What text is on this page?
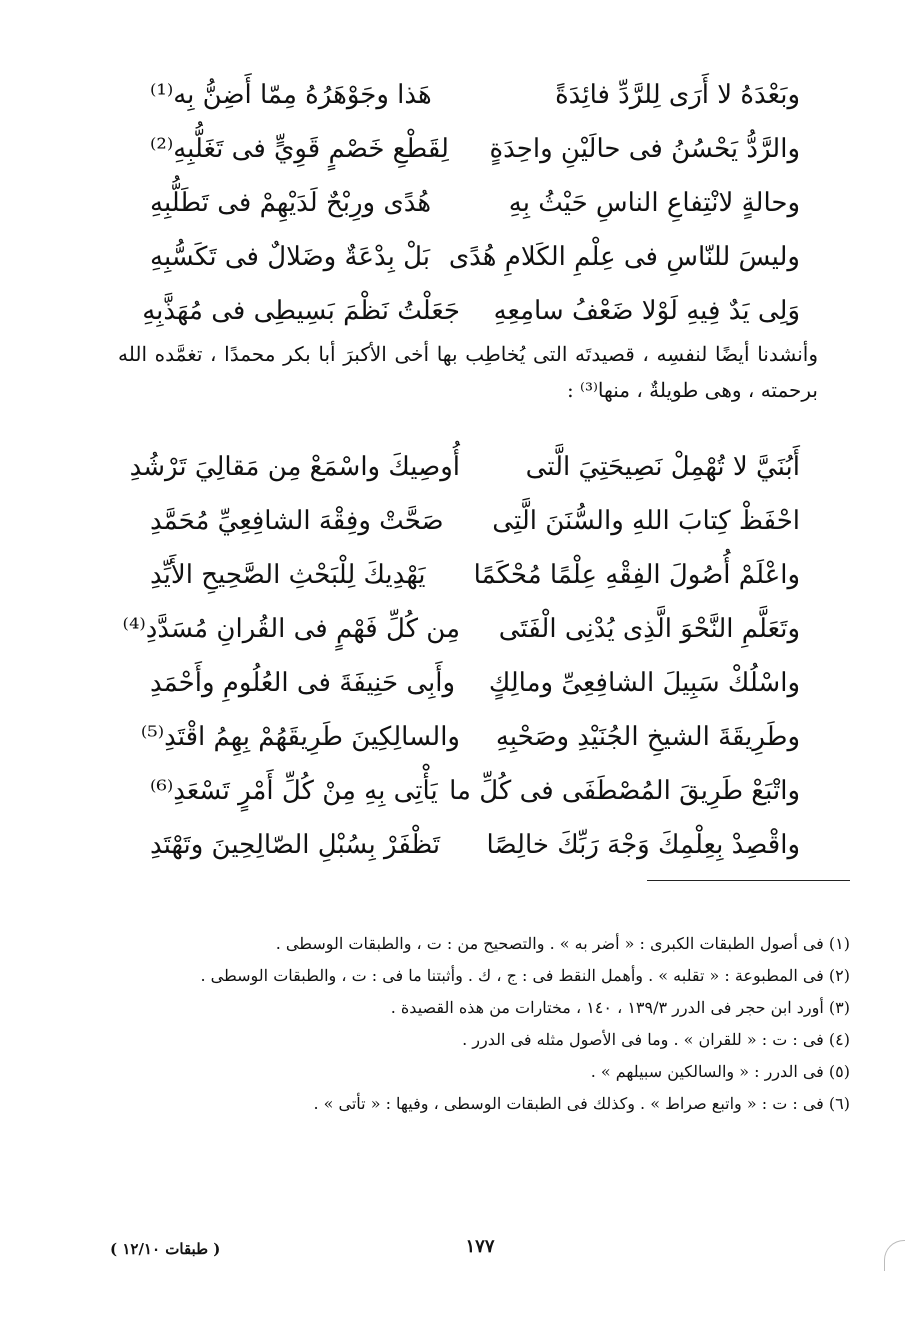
وبَعْدَهُ لا أَرَى لِلرَّدِّ فائِدَةً
هَذا وجَوْهَرُهُ مِمّا أَضِنُّ بِه⁽¹⁾
والرَّدُّ يَحْسُنُ فى حالَيْنِ واحِدَةٍ
لِقَطْعِ خَصْمٍ قَوِيٍّ فى تَغَلُّبِهِ⁽²⁾
وحالةٍ لانْتِفاعِ الناسِ حَيْثُ بِهِ
هُدًى ورِبْحٌ لَدَيْهِمْ فى تَطَلُّبِهِ
وليسَ للنّاسِ فى عِلْمِ الكَلامِ هُدًى
بَلْ بِدْعَةٌ وضَلالٌ فى تَكَسُّبِهِ
وَلِى يَدٌ فِيهِ لَوْلا ضَعْفُ سامِعِهِ
جَعَلْتُ نَظْمَ بَسِيطِى فى مُهَذَّبِهِ

وأنشدنا أيضًا لنفسِه ، قصيدتَه التى يُخاطِب بها أخى الأكبرَ أبا بكر محمدًا ، تغمَّده الله برحمته ، وهى طويلةٌ ، منها⁽³⁾ :

أَبُنَيَّ لا تُهْمِلْ نَصِيحَتِيَ الَّتى
أُوصِيكَ واسْمَعْ مِن مَقالِيَ تَرْشُدِ
احْفَظْ كِتابَ اللهِ والسُّنَنَ الَّتِى
صَحَّتْ وفِقْهَ الشافِعِيِّ مُحَمَّدِ
واعْلَمْ أُصُولَ الفِقْهِ عِلْمًا مُحْكَمًا
يَهْدِيكَ لِلْبَحْثِ الصَّحِيحِ الأَيِّدِ
وتَعَلَّمِ النَّحْوَ الَّذِى يُدْنِى الْفَتَى
مِن كُلِّ فَهْمٍ فى القُرانِ مُسَدَّدِ⁽⁴⁾
واسْلُكْ سَبِيلَ الشافِعِىِّ ومالِكٍ
وأَبِى حَنِيفَةَ فى العُلُومِ وأَحْمَدِ
وطَرِيقَةَ الشيخِ الجُنَيْدِ وصَحْبِهِ
والسالِكِينَ طَرِيقَهُمْ بِهِمُ اقْتَدِ⁽⁵⁾
واتْبَعْ طَرِيقَ المُصْطَفَى فى كُلِّ ما
يَأْتِى بِهِ مِنْ كُلِّ أَمْرٍ تَسْعَدِ⁽⁶⁾
واقْصِدْ بِعِلْمِكَ وَجْهَ رَبِّكَ خالِصًا
تَظْفَرْ بِسُبْلِ الصّالِحِينَ وتَهْتَدِ
(١) فى أصول الطبقات الكبرى : « أضر به » . والتصحيح من : ت ، والطبقات الوسطى .
(٢) فى المطبوعة : « تقلبه » . وأهمل النقط فى : ج ، ك . وأثبتنا ما فى : ت ، والطبقات الوسطى .
(٣) أورد ابن حجر فى الدرر ١٣٩/٣ ، ١٤٠ ، مختارات من هذه القصيدة .
(٤) فى : ت : « للقران » . وما فى الأصول مثله فى الدرر .
(٥) فى الدرر : « والسالكين سبيلهم » .
(٦) فى : ت : « واتبع صراط » . وكذلك فى الطبقات الوسطى ، وفيها : « تأتى » .
١٧٧
( طبقات ١٢/١٠ )
